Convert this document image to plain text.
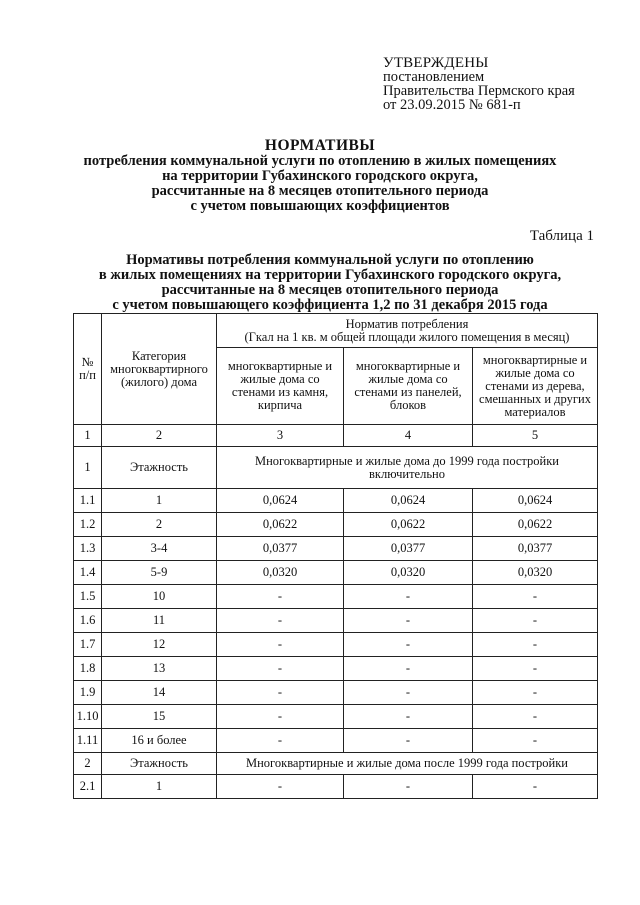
УТВЕРЖДЕНЫ
постановлением
Правительства Пермского края
от 23.09.2015 № 681-п
НОРМАТИВЫ
потребления коммунальной услуги по отоплению в жилых помещениях
на территории Губахинского городского округа,
рассчитанные на 8 месяцев отопительного периода
с учетом повышающих коэффициентов
Таблица 1
Нормативы потребления коммунальной услуги по отоплению
в жилых помещениях на территории Губахинского городского округа,
рассчитанные на 8 месяцев отопительного периода
с учетом повышающего коэффициента 1,2 по 31 декабря 2015 года
№ п/п	Категория многоквартирного (жилого) дома	Норматив потребления
(Гкал на 1 кв. м общей площади жилого помещения в месяц)		

		многоквартирные и жилые дома со стенами из камня, кирпича	многоквартирные и жилые дома со стенами из панелей, блоков	многоквартирные и жилые дома со стенами из дерева, смешанных и других материалов
1	2	3	4	5
1	Этажность	Многоквартирные и жилые дома до 1999 года постройки включительно		
1.1	1	0,0624	0,0624	0,0624
1.2	2	0,0622	0,0622	0,0622
1.3	3-4	0,0377	0,0377	0,0377
1.4	5-9	0,0320	0,0320	0,0320
1.5	10	-	-	-
1.6	11	-	-	-
1.7	12	-	-	-
1.8	13	-	-	-
1.9	14	-	-	-
1.10	15	-	-	-
1.11	16 и более	-	-	-
2	Этажность	Многоквартирные и жилые дома после 1999 года постройки		
2.1	1	-	-	-
